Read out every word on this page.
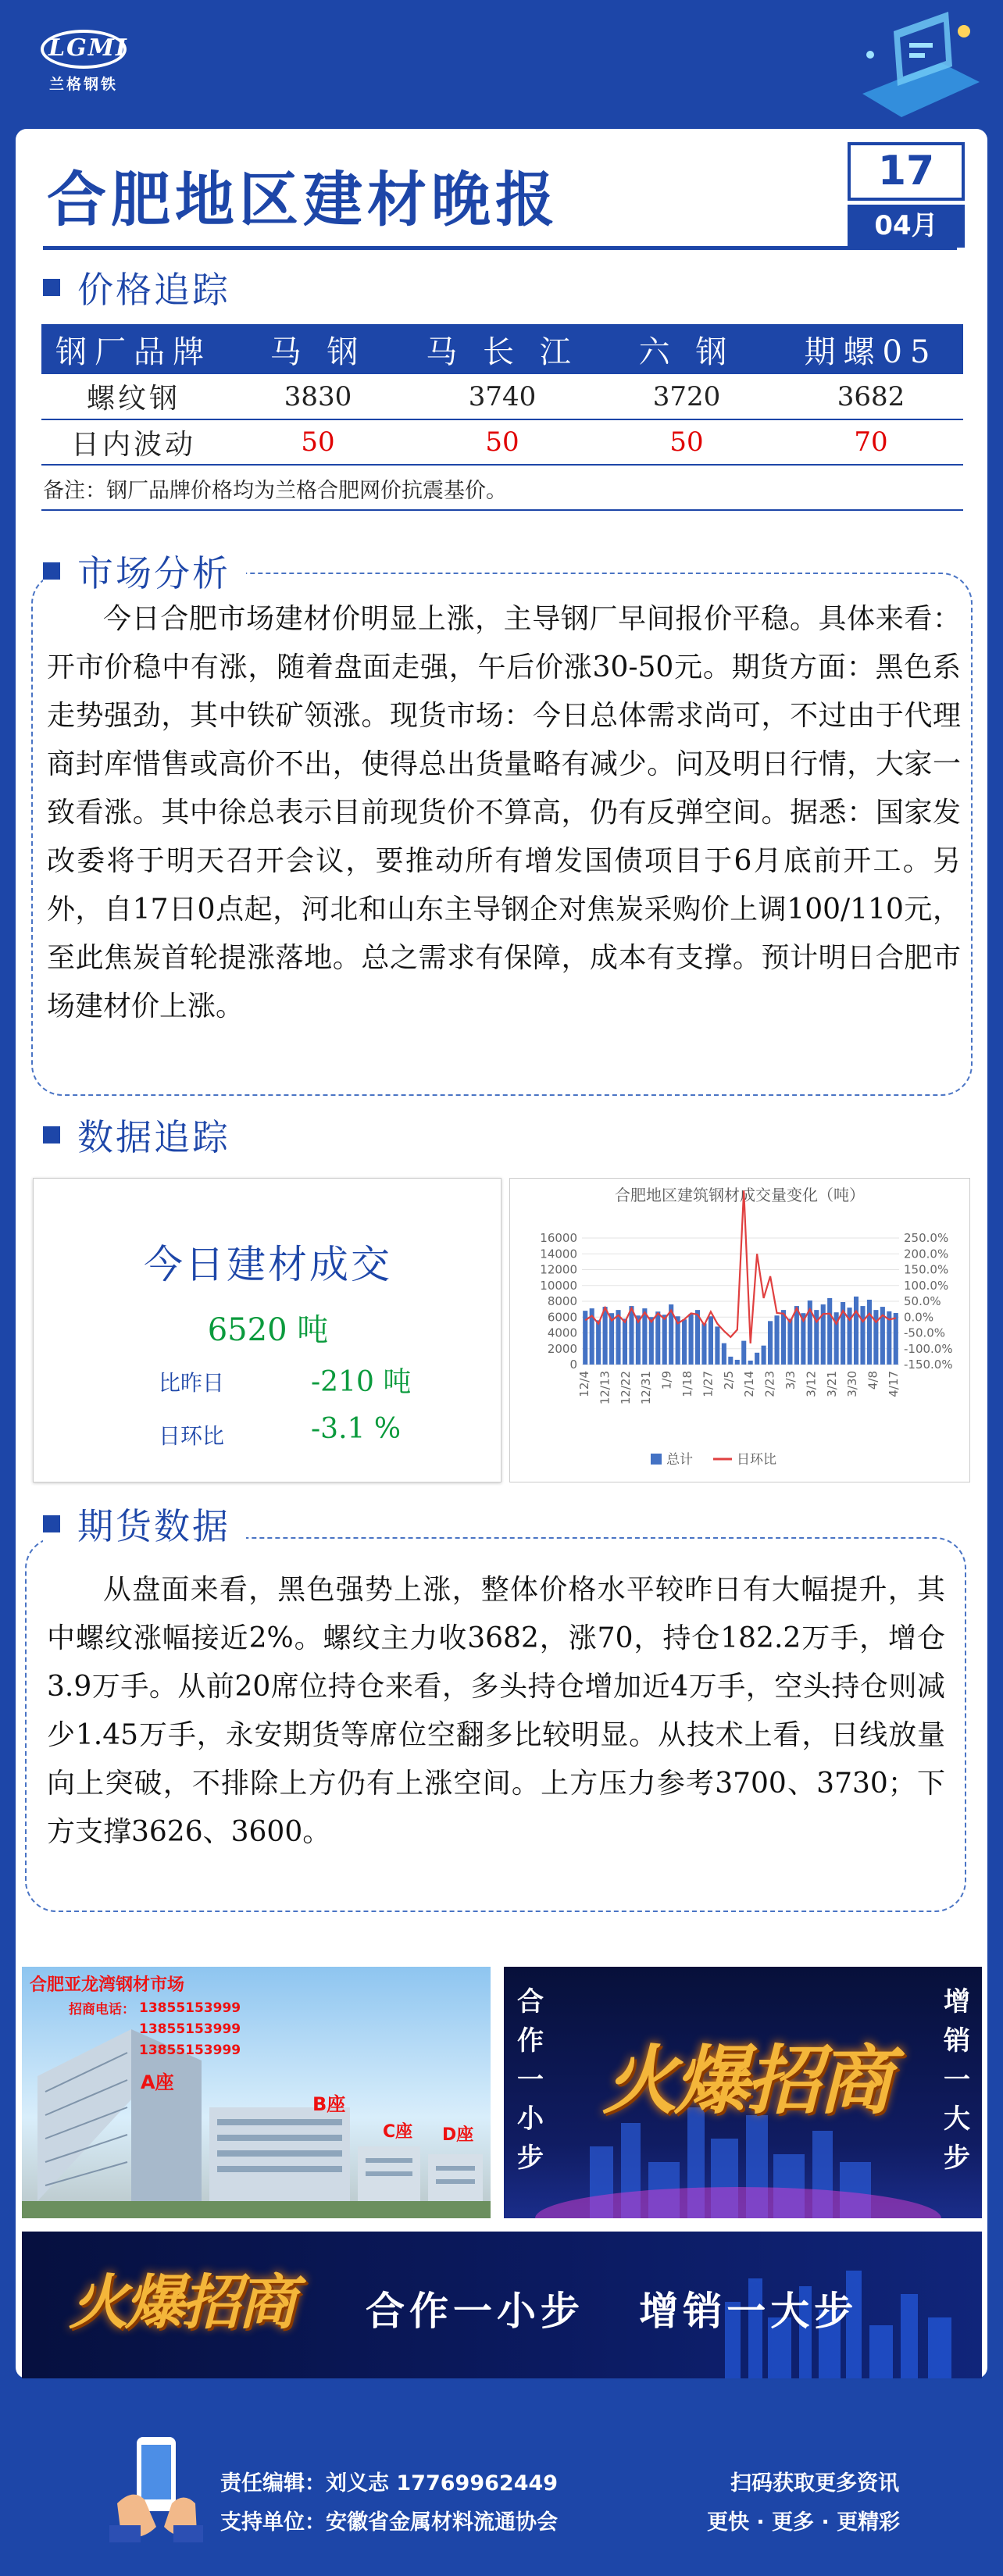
LGMI
兰格钢铁
合肥地区建材晚报	17
04月
价格追踪
钢厂品牌	马 钢	马 长 江	六 钢	期螺05
螺纹钢	3830	3740	3720	3682
日内波动	50	50	50	70
备注：钢厂品牌价格均为兰格合肥网价抗震基价。
市场分析
今日合肥市场建材价明显上涨，主导钢厂早间报价平稳。具体来看：开市价稳中有涨，随着盘面走强，午后价涨30-50元。期货方面：黑色系走势强劲，其中铁矿领涨。现货市场：今日总体需求尚可，不过由于代理商封库惜售或高价不出，使得总出货量略有减少。问及明日行情，大家一致看涨。其中徐总表示目前现货价不算高，仍有反弹空间。据悉：国家发改委将于明天召开会议，要推动所有增发国债项目于6月底前开工。另外，自17日0点起，河北和山东主导钢企对焦炭采购价上调100/110元，至此焦炭首轮提涨落地。总之需求有保障，成本有支撑。预计明日合肥市场建材价上涨。
数据追踪
今日建材成交
6520 吨
比昨日	-210 吨
日环比	-3.1 %
合肥地区建筑钢材成交量变化（吨）
16000
14000
12000
10000
8000
6000
4000
2000
0
250.0%
200.0%
150.0%
100.0%
50.0%
0.0%
-50.0%
-100.0%
-150.0%
12/4 12/13 12/22 12/31 1/9 1/18 1/27 2/5 2/14 2/23 3/3 3/12 3/21 3/30 4/8 4/17
总计	日环比
期货数据
从盘面来看，黑色强势上涨，整体价格水平较昨日有大幅提升，其中螺纹涨幅接近2%。螺纹主力收3682，涨70，持仓182.2万手，增仓3.9万手。从前20席位持仓来看，多头持仓增加近4万手，空头持仓则减少1.45万手，永安期货等席位空翻多比较明显。从技术上看，日线放量向上突破，不排除上方仍有上涨空间。上方压力参考3700、3730；下方支撑3626、3600。
合肥亚龙湾钢材市场
招商电话： 13855153999
13855153999
13855153999
A座
B座
C座 D座
合作一小步
增销一大步
火爆招商
火爆招商 合作一小步   增销一大步
责任编辑：刘义志 17769962449
支持单位：安徽省金属材料流通协会
扫码获取更多资讯
更快 · 更多 · 更精彩
